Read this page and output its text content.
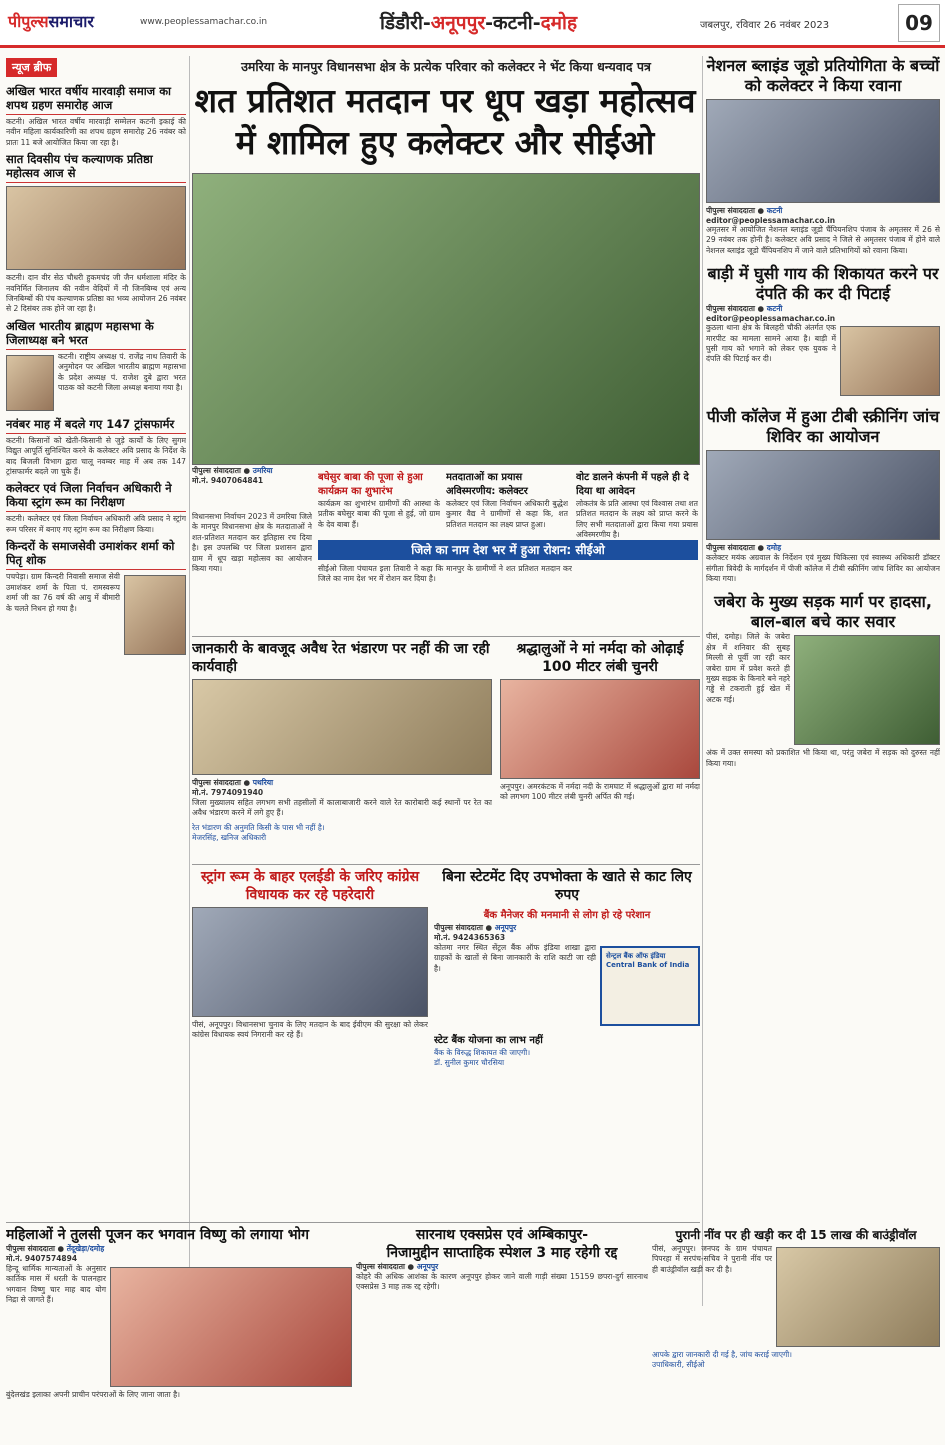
पीपुल्ससमाचार	www.peoplessamachar.co.in	डिंडौरी-अनूपपुर-कटनी-दमोह	जबलपुर, रविवार 26 नवंबर 2023	09
न्यूज ब्रीफ
अखिल भारत वर्षीय मारवाड़ी समाज का शपथ ग्रहण समारोह आज
कटनी। अखिल भारत वर्षीय मारवाड़ी सम्मेलन कटनी इकाई की नवीन महिला कार्यकारिणी का शपथ ग्रहण समारोह 26 नवंबर को प्रातः 11 बजे आयोजित किया जा रहा है।
सात दिवसीय पंच कल्याणक प्रतिष्ठा महोत्सव आज से
कटनी। दान वीर सेठ चौधरी हुकमचंद जी जैन धर्मशाला मंदिर के नवनिर्मित जिनालय की नवीन वेदियों में नौ जिनबिम्ब एवं अन्य जिनबिम्बों की पंच कल्याणक प्रतिष्ठा का भव्य आयोजन 26 नवंबर से 2 दिसंबर तक होने जा रहा है।
अखिल भारतीय ब्राह्मण महासभा के जिलाध्यक्ष बने भरत
कटनी। राष्ट्रीय अध्यक्ष पं. राजेंद्र नाथ तिवारी के अनुमोदन पर अखिल भारतीय ब्राह्मण महासभा के प्रदेश अध्यक्ष पं. राजेश दुबे द्वारा भरत पाठक को कटनी जिला अध्यक्ष बनाया गया है।
नवंबर माह में बदले गए 147 ट्रांसफार्मर
कटनी। किसानों को खेती-किसानी से जुड़े कार्यों के लिए सुगम विद्युत आपूर्ति सुनिश्चित करने के कलेक्टर अवि प्रसाद के निर्देश के बाद बिजली विभाग द्वारा चालू नवम्बर माह में अब तक 147 ट्रांसफार्मर बदले जा चुके हैं।
कलेक्टर एवं जिला निर्वाचन अधिकारी ने किया स्ट्रांग रूम का निरीक्षण
कटनी। कलेक्टर एवं जिला निर्वाचन अधिकारी अवि प्रसाद ने स्ट्रांग रूम परिसर में बनाए गए स्ट्रांग रूम का निरीक्षण किया।
किन्दरों के समाजसेवी उमाशंकर शर्मा को पितृ शोक
पचपेड़ा। ग्राम किन्दरी निवासी समाज सेवी उमाशंकर शर्मा के पिता पं. रामस्वरूप शर्मा जी का 76 वर्ष की आयु में बीमारी के चलते निधन हो गया है।
उमरिया के मानपुर विधानसभा क्षेत्र के प्रत्येक परिवार को कलेक्टर ने भेंट किया धन्यवाद पत्र
शत प्रतिशत मतदान पर धूप खड़ा महोत्सव
में शामिल हुए कलेक्टर और सीईओ
पीपुल्स संवाददाता ● उमरिया
मो.नं. 9407064841
विधानसभा निर्वाचन 2023 में उमरिया जिले के मानपुर विधानसभा क्षेत्र के मतदाताओं ने शत-प्रतिशत मतदान कर इतिहास रच दिया है। इस उपलब्धि पर जिला प्रशासन द्वारा ग्राम में धूप खड़ा महोत्सव का आयोजन किया गया।
बघेसुर बाबा की पूजा से हुआ कार्यक्रम का शुभारंभ
कार्यक्रम का शुभारंभ ग्रामीणों की आस्था के प्रतीक बघेसुर बाबा की पूजा से हुई, जो ग्राम के देव बाबा हैं।
मतदाताओं का प्रयास अविस्मरणीय: कलेक्टर
कलेक्टर एवं जिला निर्वाचन अधिकारी बुद्धेश कुमार वैद्य ने ग्रामीणों से कहा कि, शत प्रतिशत मतदान का लक्ष्य प्राप्त हुआ।
वोट डालने कंपनी में पहले ही दे दिया था आवेदन
लोकतंत्र के प्रति आस्था एवं विश्वास तथा शत प्रतिशत मतदान के लक्ष्य को प्राप्त करने के लिए सभी मतदाताओं द्वारा किया गया प्रयास अविस्मरणीय है।
जिले का नाम देश भर में हुआ रोशन: सीईओ
सीईओ जिला पंचायत इला तिवारी ने कहा कि मानपुर के ग्रामीणों ने शत प्रतिशत मतदान कर जिले का नाम देश भर में रोशन कर दिया है।
जानकारी के बावजूद अवैध रेत भंडारण पर नहीं की जा रही कार्यवाही
पीपुल्स संवाददाता ● पथरिया
मो.नं. 7974091940
जिला मुख्यालय सहित लगभग सभी तहसीलों में कालाबाजारी करने वाले रेत कारोबारी कई स्थानों पर रेत का अवैध भंडारण करने में लगे हुए हैं।
रेत भंडारण की अनुमति किसी के पास भी नहीं है।
मेजरसिंह, खनिज अधिकारी
श्रद्धालुओं ने मां नर्मदा को ओढ़ाई 100 मीटर लंबी चुनरी
अनूपपुर। अमरकंटक में नर्मदा नदी के रामघाट में श्रद्धालुओं द्वारा मां नर्मदा को लगभग 100 मीटर लंबी चुनरी अर्पित की गई।
स्ट्रांग रूम के बाहर एलईडी के जरिए कांग्रेस विधायक कर रहे पहरेदारी
पीसं, अनूपपुर। विधानसभा चुनाव के लिए मतदान के बाद ईवीएम की सुरक्षा को लेकर कांग्रेस विधायक स्वयं निगरानी कर रहे हैं।
बिना स्टेटमेंट दिए उपभोक्ता के खाते से काट लिए रुपए
बैंक मैनेजर की मनमानी से लोग हो रहे परेशान
पीपुल्स संवाददाता ● अनूपपुर
मो.नं. 9424365363
कोतमा नगर स्थित सेंट्रल बैंक ऑफ इंडिया शाखा द्वारा ग्राहकों के खातों से बिना जानकारी के राशि काटी जा रही है।
सेन्ट्रल बैंक ऑफ इंडिया
Central Bank of India
स्टेट बैंक योजना का लाभ नहीं
बैंक के विरुद्ध शिकायत की जाएगी।
डॉ. सुनील कुमार चौरसिया
महिलाओं ने तुलसी पूजन कर भगवान विष्णु को लगाया भोग
पीपुल्स संवाददाता ● तेंदूखेड़ा/दमोह
मो.नं. 9407574894
हिन्दू धार्मिक मान्यताओं के अनुसार कार्तिक मास में धरती के पालनहार भगवान विष्णु चार माह बाद योग निद्रा से जागते हैं।
बुंदेलखंड इलाका अपनी प्राचीन परंपराओं के लिए जाना जाता है।
सारनाथ एक्सप्रेस एवं अम्बिकापुर-
निजामुद्दीन साप्ताहिक स्पेशल 3 माह रहेगी रद्द
पीपुल्स संवाददाता ● अनूपपुर
कोहरे की अधिक आशंका के कारण अनूपपुर होकर जाने वाली गाड़ी संख्या 15159 छपरा-दुर्ग सारनाथ एक्सप्रेस 3 माह तक रद्द रहेगी।
पुरानी नींव पर ही खड़ी कर दी 15 लाख की बाउंड्रीवॉल
पीसं, अनूपपुर। जनपद के ग्राम पंचायत पिपरहा में सरपंच-सचिव ने पुरानी नींव पर ही बाउंड्रीवॉल खड़ी कर दी है।
आपके द्वारा जानकारी दी गई है, जांच कराई जाएगी।
उपाधिकारी, सीईओ
नेशनल ब्लाइंड जूडो प्रतियोगिता के बच्चों को कलेक्टर ने किया रवाना
पीपुल्स संवाददाता ● कटनी
editor@peoplessamachar.co.in
अमृतसर में आयोजित नेशनल ब्लाइंड जूडो चैंपियनशिप पंजाब के अमृतसर में 26 से 29 नवंबर तक होनी है। कलेक्टर अवि प्रसाद ने जिले से अमृतसर पंजाब में होने वाले नेशनल ब्लाइंड जूडो चैंपियनशिप में जाने वाले प्रतिभागियों को रवाना किया।
बाड़ी में घुसी गाय की शिकायत करने पर दंपति की कर दी पिटाई
पीपुल्स संवाददाता ● कटनी
editor@peoplessamachar.co.in
कुठला थाना क्षेत्र के बिलहरी चौकी अंतर्गत एक मारपीट का मामला सामने आया है। बाड़ी में घुसी गाय को भगाने को लेकर एक युवक ने दंपति की पिटाई कर दी।
पीजी कॉलेज में हुआ टीबी स्क्रीनिंग जांच शिविर का आयोजन
पीपुल्स संवाददाता ● दमोह
कलेक्टर मयंक अग्रवाल के निर्देशन एवं मुख्य चिकित्सा एवं स्वास्थ्य अधिकारी डॉक्टर संगीता त्रिवेदी के मार्गदर्शन में पीजी कॉलेज में टीबी स्क्रीनिंग जांच शिविर का आयोजन किया गया।
जबेरा के मुख्य सड़क मार्ग पर हादसा, बाल-बाल बचे कार सवार
पीसं, दमोह। जिले के जबेरा क्षेत्र में शनिवार की सुबह मिल्ली से पूर्वी जा रही कार जबेरा ग्राम में प्रवेश करते ही मुख्य सड़क के किनारे बने नहरे गड्ढे से टकराती हुई खेत में अटक गई।
अंक में उक्त समस्या को प्रकाशित भी किया था, परंतु जबेरा में सड़क को दुरुस्त नहीं किया गया।
